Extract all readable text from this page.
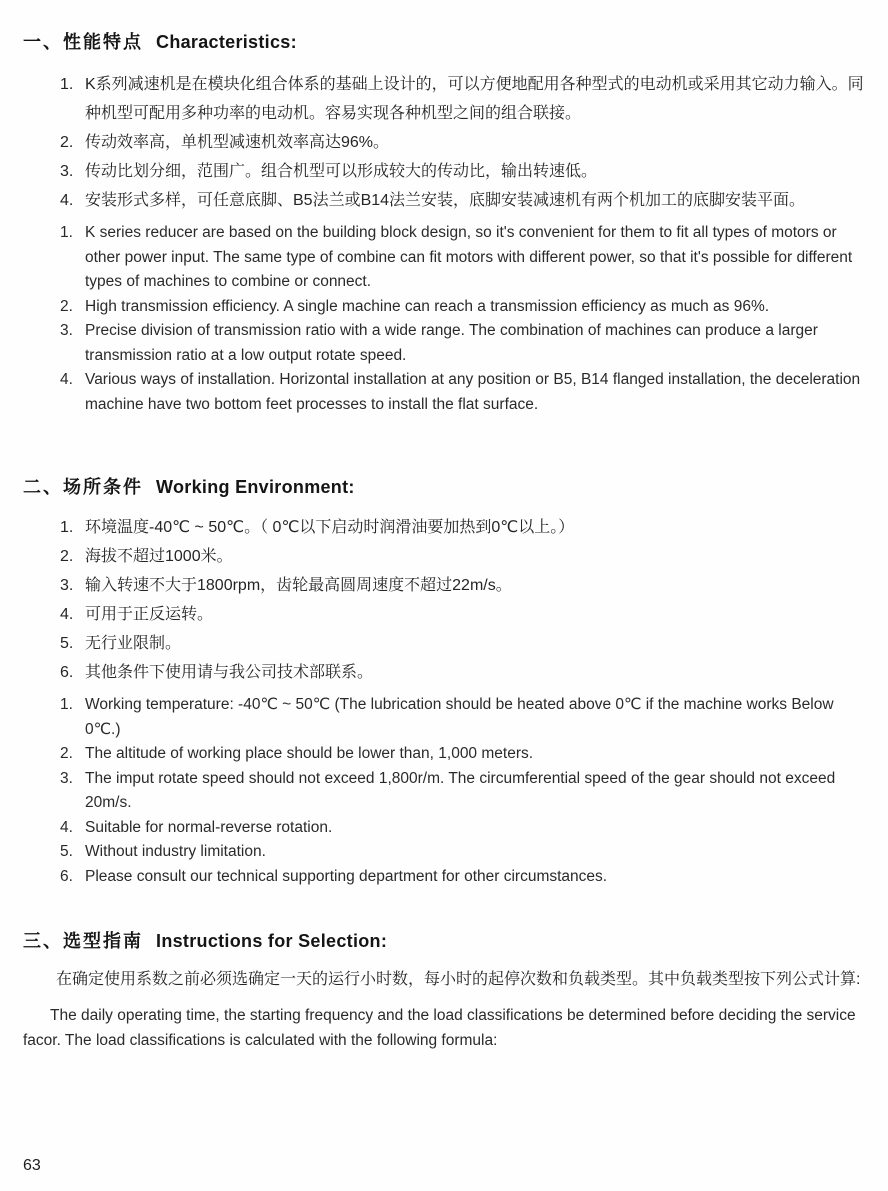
一、性能特点 Characteristics:
1. K系列减速机是在模块化组合体系的基础上设计的，可以方便地配用各种型式的电动机或采用其它动力输入。同种机型可配用多种功率的电动机。容易实现各种机型之间的组合联接。
2. 传动效率高，单机型减速机效率高达96%。
3. 传动比划分细，范围广。组合机型可以形成较大的传动比，输出转速低。
4. 安装形式多样，可任意底脚、B5法兰或B14法兰安装，底脚安装减速机有两个机加工的底脚安装平面。
1. K series reducer are based on the building block design, so it's convenient for them to fit all types of motors or other power input. The same type of combine can fit motors with different power, so that it's possible for different types of machines to combine or connect.
2. High transmission efficiency. A single machine can reach a transmission efficiency as much as 96%.
3. Precise division of transmission ratio with a wide range. The combination of machines can produce a larger transmission ratio at a low output rotate speed.
4. Various ways of installation. Horizontal installation at any position or B5, B14 flanged installation, the deceleration machine have two bottom feet processes to install the flat surface.
二、场所条件 Working Environment:
1. 环境温度-40℃ ~ 50℃。（ 0℃以下启动时润滑油要加热到0℃以上。）
2. 海拔不超过1000米。
3. 输入转速不大于1800rpm，齿轮最高圆周速度不超过22m/s。
4. 可用于正反运转。
5. 无行业限制。
6. 其他条件下使用请与我公司技术部联系。
1. Working temperature: -40℃ ~ 50℃ (The lubrication should be heated above 0℃ if the machine works Below 0℃.)
2. The altitude of working place should be lower than, 1,000 meters.
3. The imput rotate speed should not exceed 1,800r/m. The circumferential speed of the gear should not exceed 20m/s.
4. Suitable for normal-reverse rotation.
5. Without industry limitation.
6. Please consult our technical supporting department for other circumstances.
三、选型指南 Instructions for Selection:

在确定使用系数之前必须选确定一天的运行小时数，每小时的起停次数和负载类型。其中负载类型按下列公式计算:

The daily operating time, the starting frequency and the load classifications be determined before deciding the service facor. The load classifications is calculated with the following formula:

63
